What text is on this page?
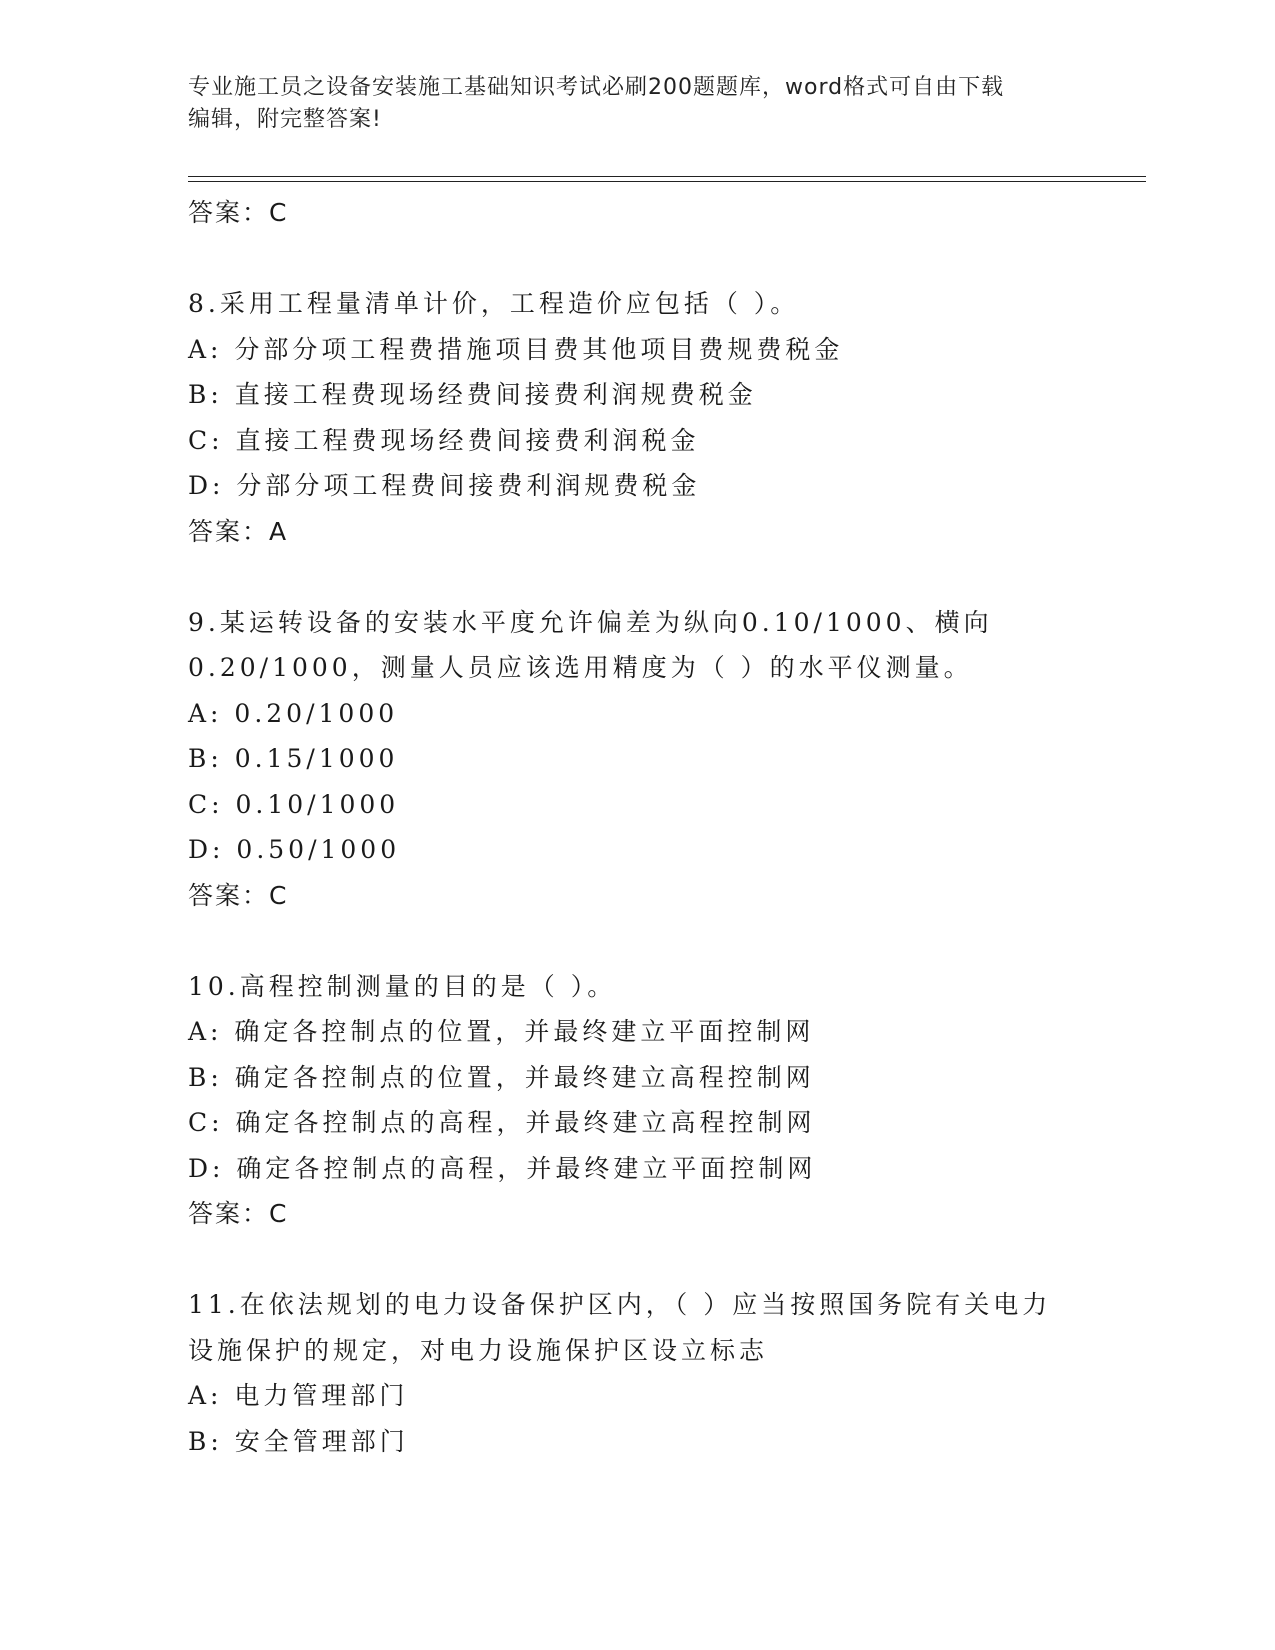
专业施工员之设备安装施工基础知识考试必刷200题题库，word格式可自由下载
编辑，附完整答案!
答案：C
8.采用工程量清单计价，工程造价应包括（ ）。
A: 分部分项工程费措施项目费其他项目费规费税金
B: 直接工程费现场经费间接费利润规费税金
C: 直接工程费现场经费间接费利润税金
D: 分部分项工程费间接费利润规费税金
答案：A
9.某运转设备的安装水平度允许偏差为纵向0.10/1000、横向
0.20/1000，测量人员应该选用精度为（ ）的水平仪测量。
A: 0.20/1000
B: 0.15/1000
C: 0.10/1000
D: 0.50/1000
答案：C
10.高程控制测量的目的是（ ）。
A: 确定各控制点的位置，并最终建立平面控制网
B: 确定各控制点的位置，并最终建立高程控制网
C: 确定各控制点的高程，并最终建立高程控制网
D: 确定各控制点的高程，并最终建立平面控制网
答案：C
11.在依法规划的电力设备保护区内，（ ）应当按照国务院有关电力
设施保护的规定，对电力设施保护区设立标志
A: 电力管理部门
B: 安全管理部门
